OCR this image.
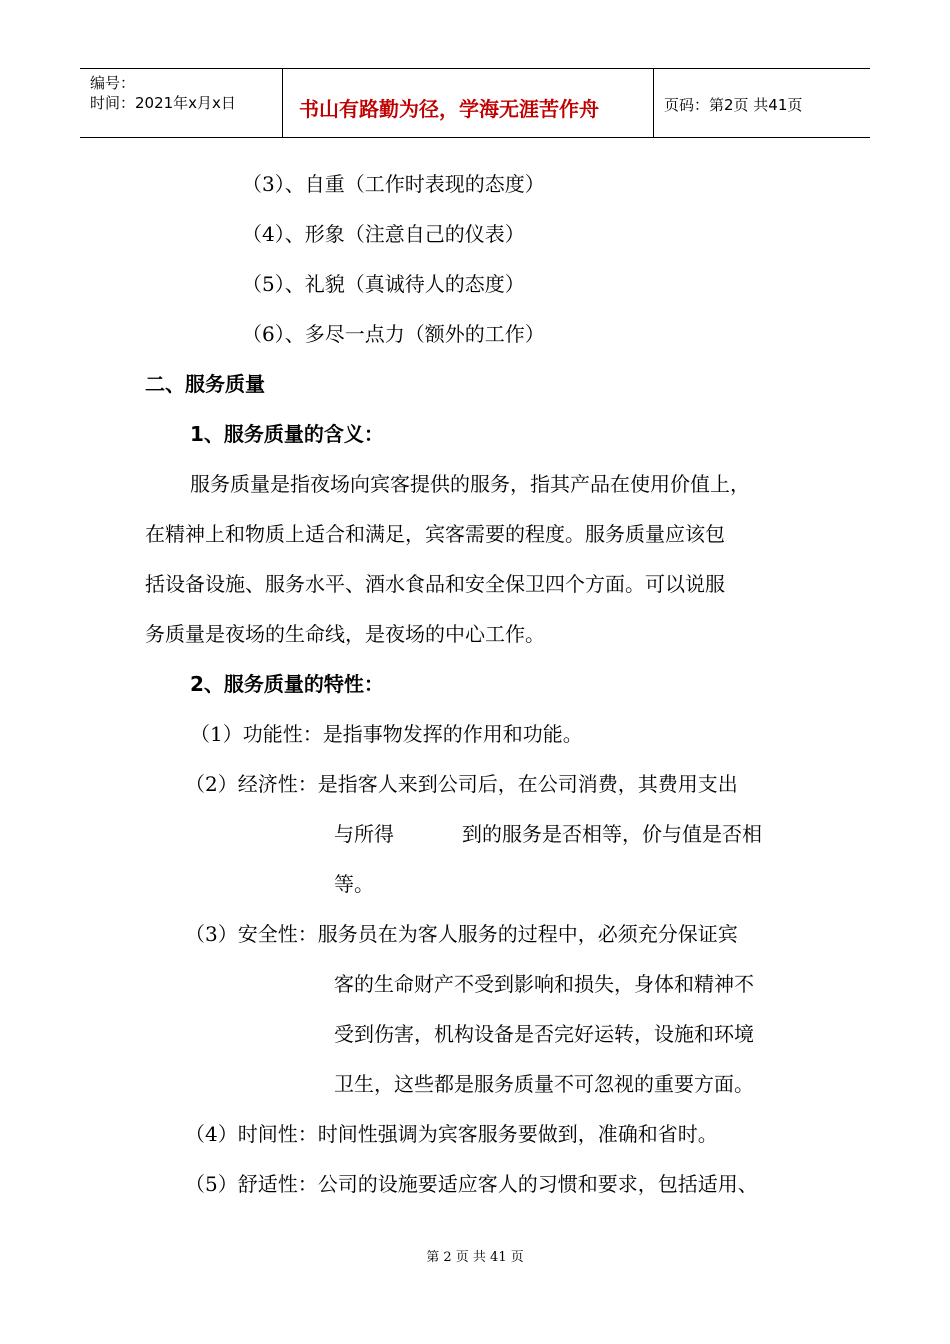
编号：
时间：2021年x月x日	书山有路勤为径，学海无涯苦作舟	页码：第2页 共41页
（3）、自重（工作时表现的态度）
（4）、形象（注意自己的仪表）
（5）、礼貌（真诚待人的态度）
（6）、多尽一点力（额外的工作）
二、服务质量
1、服务质量的含义：
服务质量是指夜场向宾客提供的服务，指其产品在使用价值上，
在精神上和物质上适合和满足，宾客需要的程度。服务质量应该包
括设备设施、服务水平、酒水食品和安全保卫四个方面。可以说服
务质量是夜场的生命线，是夜场的中心工作。
2、服务质量的特性：
（1）功能性：是指事物发挥的作用和功能。
（2）经济性：是指客人来到公司后，在公司消费，其费用支出
与所得	到的服务是否相等，价与值是否相
等。
（3）安全性：服务员在为客人服务的过程中，必须充分保证宾
客的生命财产不受到影响和损失，身体和精神不
受到伤害，机构设备是否完好运转，设施和环境
卫生，这些都是服务质量不可忽视的重要方面。
（4）时间性：时间性强调为宾客服务要做到，准确和省时。
（5）舒适性：公司的设施要适应客人的习惯和要求，包括适用、
第 2 页 共 41 页
